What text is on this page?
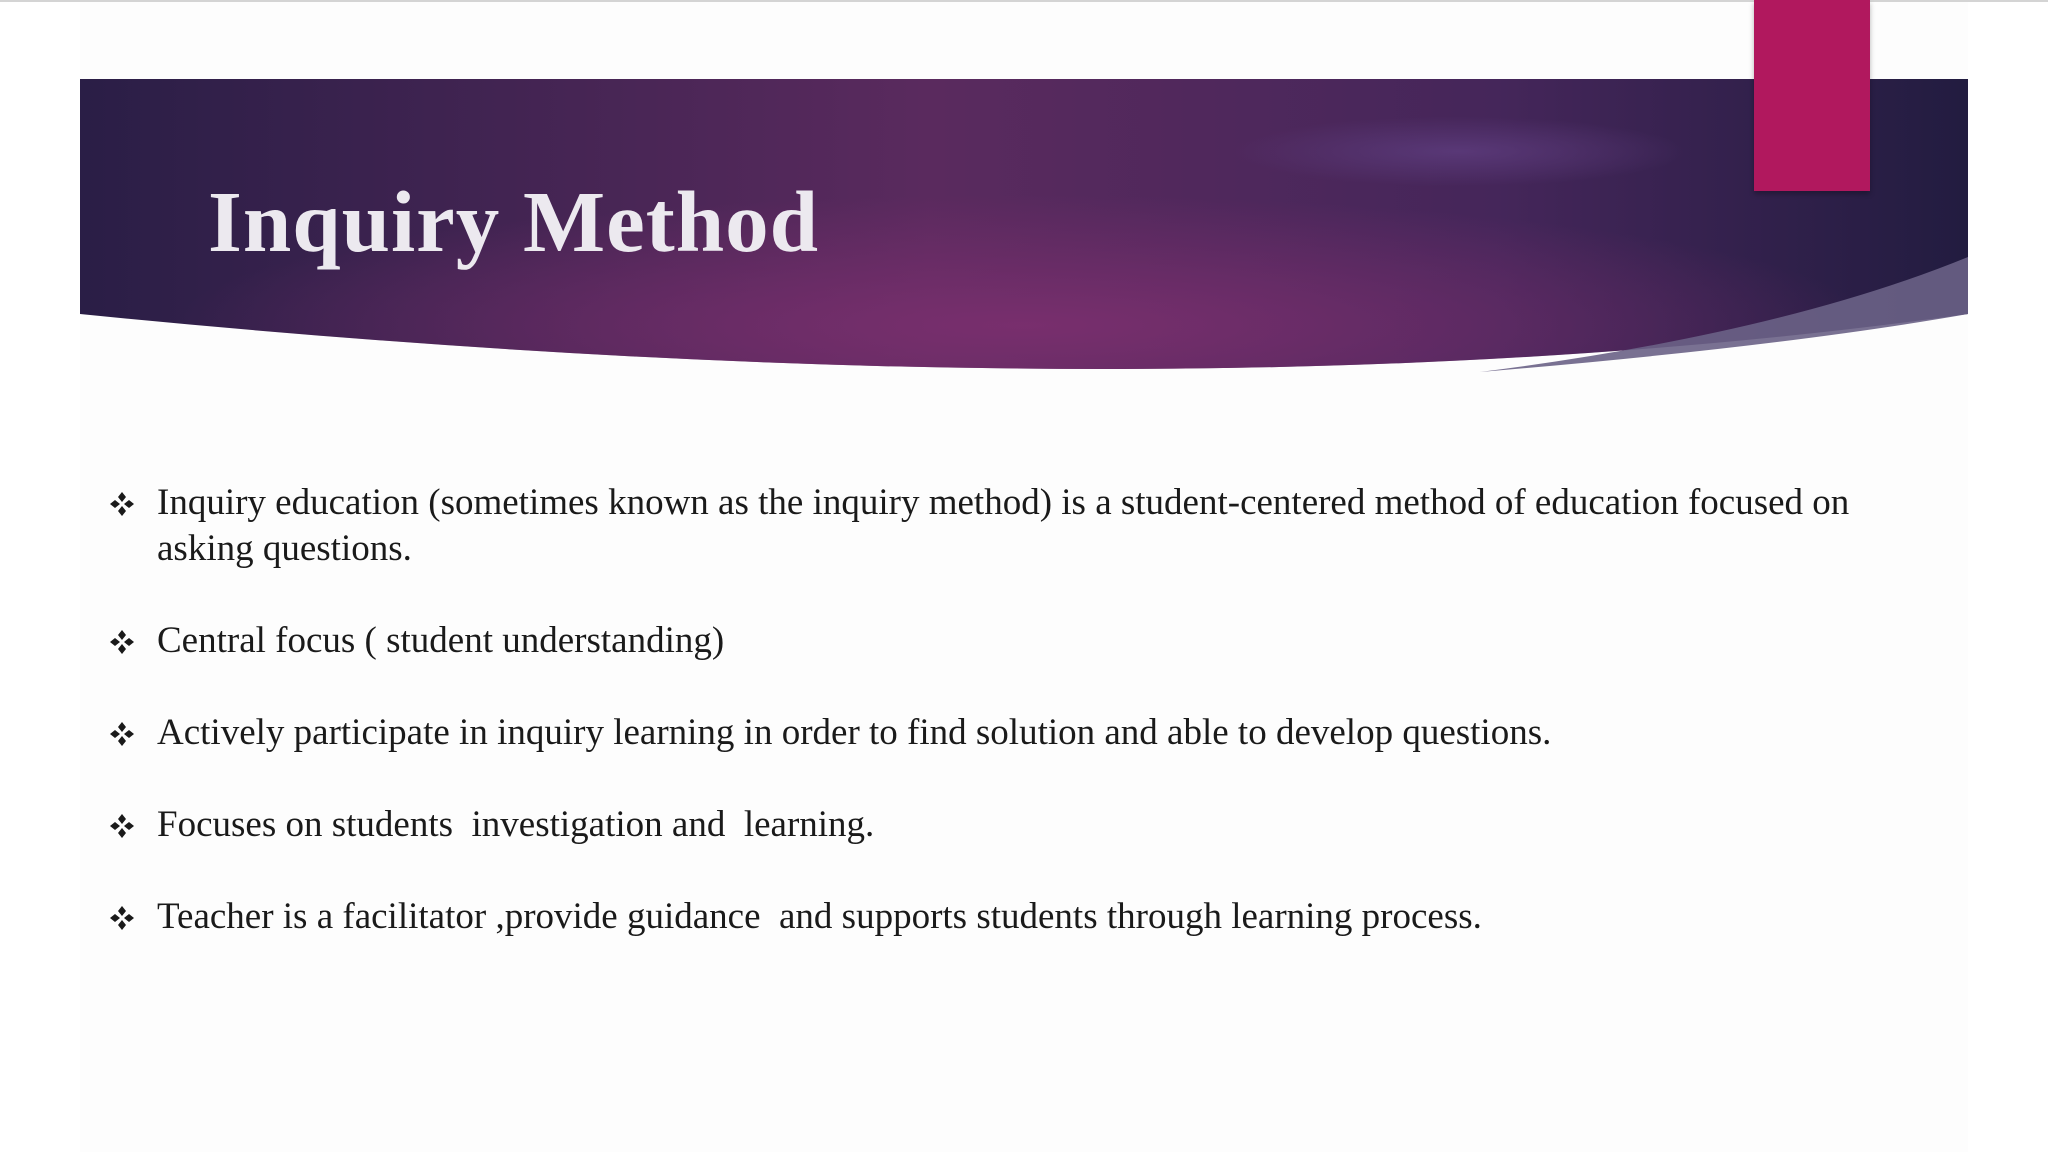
Inquiry Method
Inquiry education (sometimes known as the inquiry method) is a student-centered method of education focused on asking questions.
Central focus ( student understanding)
Actively participate in inquiry learning in order to find solution and able to develop questions.
Focuses on students  investigation and  learning.
Teacher is a facilitator ,provide guidance  and supports students through learning process.
